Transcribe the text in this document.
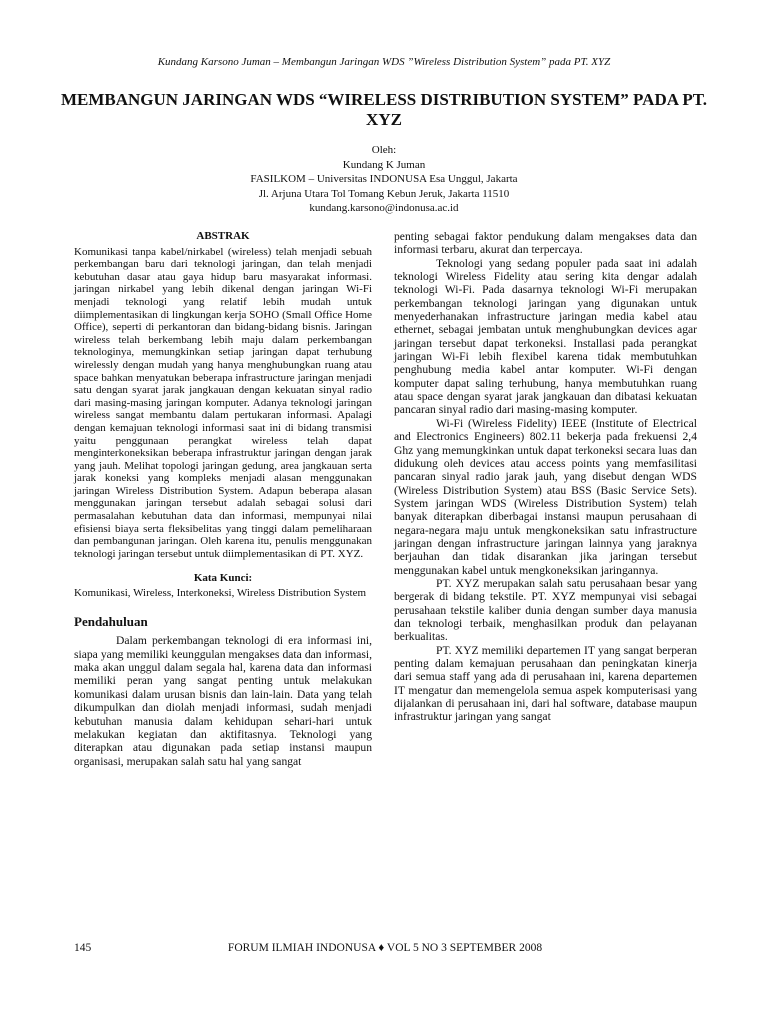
Kundang Karsono Juman – Membangun Jaringan WDS ”Wireless Distribution System” pada PT. XYZ
MEMBANGUN JARINGAN WDS “WIRELESS DISTRIBUTION SYSTEM” PADA PT. XYZ
Oleh:
Kundang K Juman
FASILKOM – Universitas INDONUSA Esa Unggul, Jakarta
Jl. Arjuna Utara Tol Tomang Kebun Jeruk, Jakarta 11510
kundang.karsono@indonusa.ac.id
ABSTRAK

Komunikasi tanpa kabel/nirkabel (wireless) telah menjadi sebuah perkembangan baru dari teknologi jaringan, dan telah menjadi kebutuhan dasar atau gaya hidup baru masyarakat informasi. jaringan nirkabel yang lebih dikenal dengan jaringan Wi-Fi menjadi teknologi yang relatif lebih mudah untuk diimplementasikan di lingkungan kerja SOHO (Small Office Home Office), seperti di perkantoran dan bidang-bidang bisnis. Jaringan wireless telah berkembang lebih maju dalam perkembangan teknologinya, memungkinkan setiap jaringan dapat terhubung wirelessly dengan mudah yang hanya menghubungkan ruang atau space bahkan menyatukan beberapa infrastructure jaringan menjadi satu dengan syarat jarak jangkauan dengan kekuatan sinyal radio dari masing-masing jaringan komputer. Adanya teknologi jaringan wireless sangat membantu dalam pertukaran informasi. Apalagi dengan kemajuan teknologi informasi saat ini di bidang transmisi yaitu penggunaan perangkat wireless telah dapat menginterkoneksikan beberapa infrastruktur jaringan dengan jarak yang jauh. Melihat topologi jaringan gedung, area jangkauan serta jarak koneksi yang kompleks menjadi alasan menggunakan jaringan Wireless Distribution System. Adapun beberapa alasan menggunakan jaringan tersebut adalah sebagai solusi dari permasalahan kebutuhan data dan informasi, mempunyai nilai efisiensi biaya serta fleksibelitas yang tinggi dalam pemeliharaan dan pembangunan jaringan. Oleh karena itu, penulis menggunakan teknologi jaringan tersebut untuk diimplementasikan di PT. XYZ.

Kata Kunci:

Komunikasi, Wireless, Interkoneksi, Wireless Distribution System

Pendahuluan

Dalam perkembangan teknologi di era informasi ini, siapa yang memiliki keunggulan mengakses data dan informasi, maka akan unggul dalam segala hal, karena data dan informasi memiliki peran yang sangat penting untuk melakukan komunikasi dalam urusan bisnis dan lain-lain. Data yang telah dikumpulkan dan diolah menjadi informasi, sudah menjadi kebutuhan manusia dalam kehidupan sehari-hari untuk melakukan kegiatan dan aktifitasnya. Teknologi yang diterapkan atau digunakan pada setiap instansi maupun organisasi, merupakan salah satu hal yang sangat

penting sebagai faktor pendukung dalam mengakses data dan informasi terbaru, akurat dan terpercaya.

Teknologi yang sedang populer pada saat ini adalah teknologi Wireless Fidelity atau sering kita dengar adalah teknologi Wi-Fi. Pada dasarnya teknologi Wi-Fi merupakan perkembangan teknologi jaringan yang digunakan untuk menyederhanakan infrastructure jaringan media kabel atau ethernet, sebagai jembatan untuk menghubungkan devices agar jaringan tersebut dapat terkoneksi. Installasi pada perangkat jaringan Wi-Fi lebih flexibel karena tidak membutuhkan penghubung media kabel antar komputer. Wi-Fi dengan komputer dapat saling terhubung, hanya membutuhkan ruang atau space dengan syarat jarak jangkauan dan dibatasi kekuatan pancaran sinyal radio dari masing-masing komputer.

Wi-Fi (Wireless Fidelity) IEEE (Institute of Electrical and Electronics Engineers) 802.11 bekerja pada frekuensi 2,4 Ghz yang memungkinkan untuk dapat terkoneksi secara luas dan didukung oleh devices atau access points yang memfasilitasi pancaran sinyal radio jarak jauh, yang disebut dengan WDS (Wireless Distribution System) atau BSS (Basic Service Sets). System jaringan WDS (Wireless Distribution System) telah banyak diterapkan diberbagai instansi maupun perusahaan di negara-negara maju untuk mengkoneksikan satu infrastructure jaringan dengan infrastructure jaringan lainnya yang jaraknya berjauhan dan tidak disarankan jika jaringan tersebut menggunakan kabel untuk mengkoneksikan jaringannya.

PT. XYZ merupakan salah satu perusahaan besar yang bergerak di bidang tekstile. PT. XYZ mempunyai visi sebagai perusahaan tekstile kaliber dunia dengan sumber daya manusia dan teknologi terbaik, menghasilkan produk dan pelayanan berkualitas.

PT. XYZ memiliki departemen IT yang sangat berperan penting dalam kemajuan perusahaan dan peningkatan kinerja dari semua staff yang ada di perusahaan ini, karena departemen IT mengatur dan memengelola semua aspek komputerisasi yang dijalankan di perusahaan ini, dari hal software, database maupun infrastruktur jaringan yang sangat

145	FORUM ILMIAH INDONUSA ♦ VOL 5 NO 3 SEPTEMBER 2008
